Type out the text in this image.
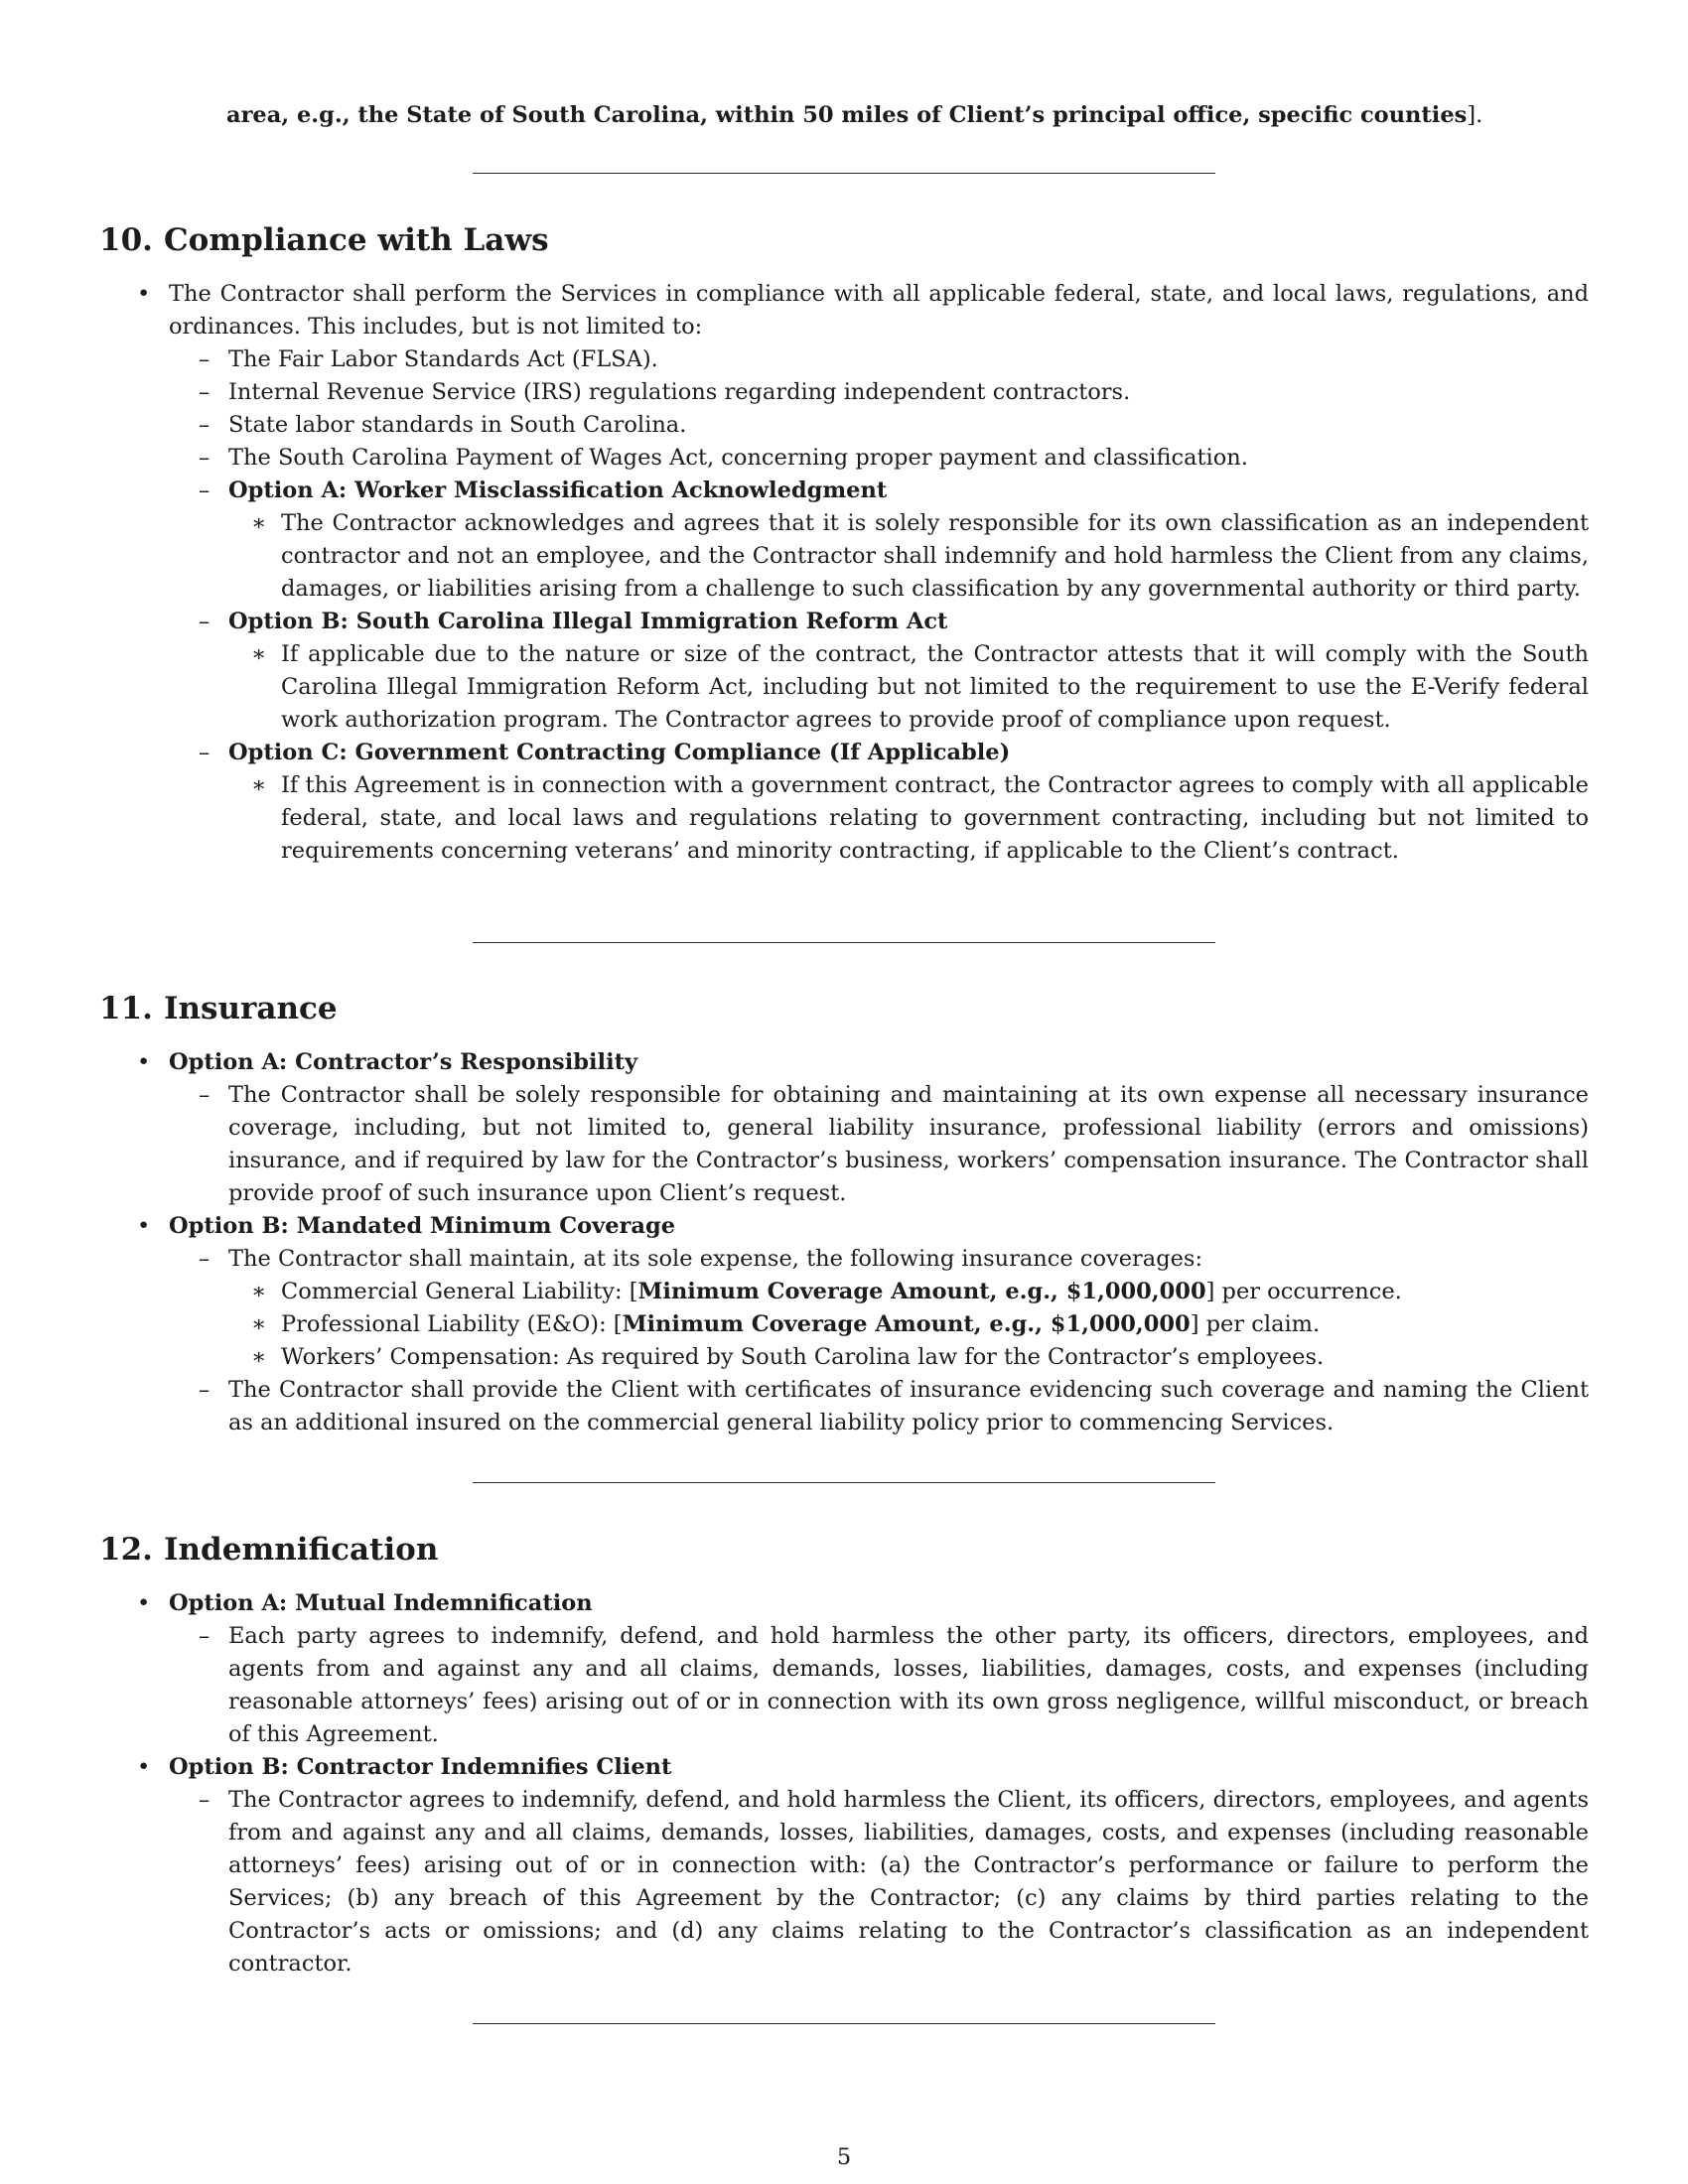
area, e.g., the State of South Carolina, within 50 miles of Client’s principal office, specific counties].
10. Compliance with Laws
• The Contractor shall perform the Services in compliance with all applicable federal, state, and local laws, regulations, and ordinances. This includes, but is not limited to:
– The Fair Labor Standards Act (FLSA).
– Internal Revenue Service (IRS) regulations regarding independent contractors.
– State labor standards in South Carolina.
– The South Carolina Payment of Wages Act, concerning proper payment and classification.
– Option A: Worker Misclassification Acknowledgment
∗ The Contractor acknowledges and agrees that it is solely responsible for its own classification as an independent contractor and not an employee, and the Contractor shall indemnify and hold harmless the Client from any claims, damages, or liabilities arising from a challenge to such classification by any governmental authority or third party.
– Option B: South Carolina Illegal Immigration Reform Act
∗ If applicable due to the nature or size of the contract, the Contractor attests that it will comply with the South Carolina Illegal Immigration Reform Act, including but not limited to the requirement to use the E-Verify federal work authorization program. The Contractor agrees to provide proof of compliance upon request.
– Option C: Government Contracting Compliance (If Applicable)
∗ If this Agreement is in connection with a government contract, the Contractor agrees to comply with all applicable federal, state, and local laws and regulations relating to government contracting, including but not limited to requirements concerning veterans’ and minority contracting, if applicable to the Client’s contract.
11. Insurance
• Option A: Contractor’s Responsibility
– The Contractor shall be solely responsible for obtaining and maintaining at its own expense all necessary insurance coverage, including, but not limited to, general liability insurance, professional liability (errors and omissions) insurance, and if required by law for the Contractor’s business, workers’ compensation insurance. The Contractor shall provide proof of such insurance upon Client’s request.
• Option B: Mandated Minimum Coverage
– The Contractor shall maintain, at its sole expense, the following insurance coverages:
∗ Commercial General Liability: [Minimum Coverage Amount, e.g., $1,000,000] per occurrence.
∗ Professional Liability (E&O): [Minimum Coverage Amount, e.g., $1,000,000] per claim.
∗ Workers’ Compensation: As required by South Carolina law for the Contractor’s employees.
– The Contractor shall provide the Client with certificates of insurance evidencing such coverage and naming the Client as an additional insured on the commercial general liability policy prior to commencing Services.
12. Indemnification
• Option A: Mutual Indemnification
– Each party agrees to indemnify, defend, and hold harmless the other party, its officers, directors, employees, and agents from and against any and all claims, demands, losses, liabilities, damages, costs, and expenses (including reasonable attorneys’ fees) arising out of or in connection with its own gross negligence, willful misconduct, or breach of this Agreement.
• Option B: Contractor Indemnifies Client
– The Contractor agrees to indemnify, defend, and hold harmless the Client, its officers, directors, employees, and agents from and against any and all claims, demands, losses, liabilities, damages, costs, and expenses (including reasonable attorneys’ fees) arising out of or in connection with: (a) the Contractor’s performance or failure to perform the Services; (b) any breach of this Agreement by the Contractor; (c) any claims by third parties relating to the Contractor’s acts or omissions; and (d) any claims relating to the Contractor’s classification as an independent contractor.
5
